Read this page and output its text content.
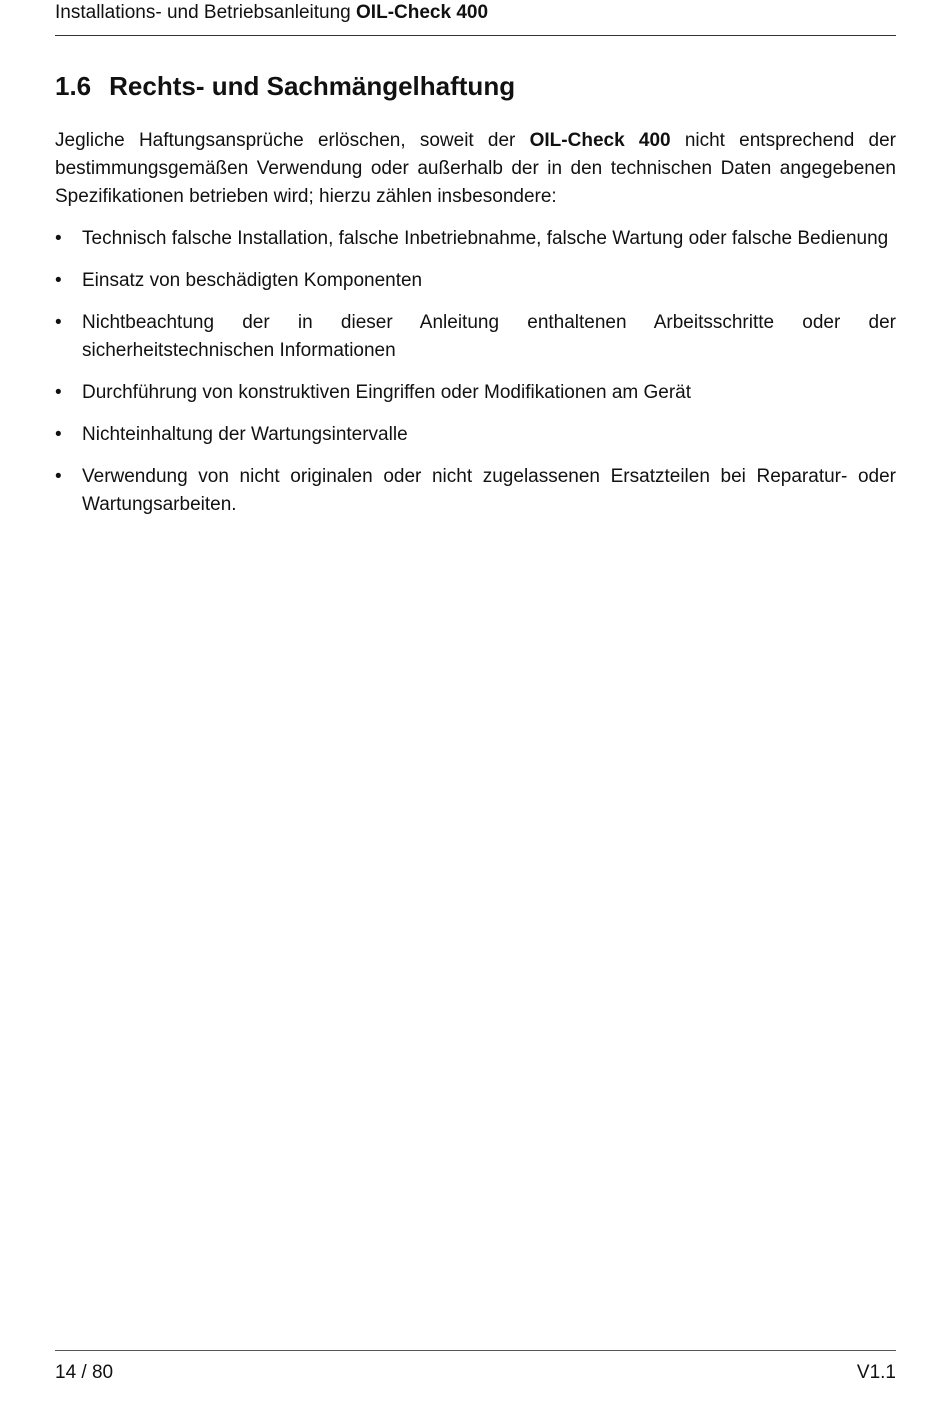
Installations- und Betriebsanleitung OIL-Check 400
1.6 Rechts- und Sachmängelhaftung

Jegliche Haftungsansprüche erlöschen, soweit der OIL-Check 400 nicht entsprechend der bestimmungsgemäßen Verwendung oder außerhalb der in den technischen Daten angegebenen Spezifikationen betrieben wird; hierzu zählen insbesondere:

•	Technisch falsche Installation, falsche Inbetriebnahme, falsche Wartung oder falsche Bedienung
•	Einsatz von beschädigten Komponenten
•	Nichtbeachtung der in dieser Anleitung enthaltenen Arbeitsschritte oder der sicherheitstechnischen Informationen
•	Durchführung von konstruktiven Eingriffen oder Modifikationen am Gerät
•	Nichteinhaltung der Wartungsintervalle
•	Verwendung von nicht originalen oder nicht zugelassenen Ersatzteilen bei Reparatur- oder Wartungsarbeiten.
14 / 80	V1.1
